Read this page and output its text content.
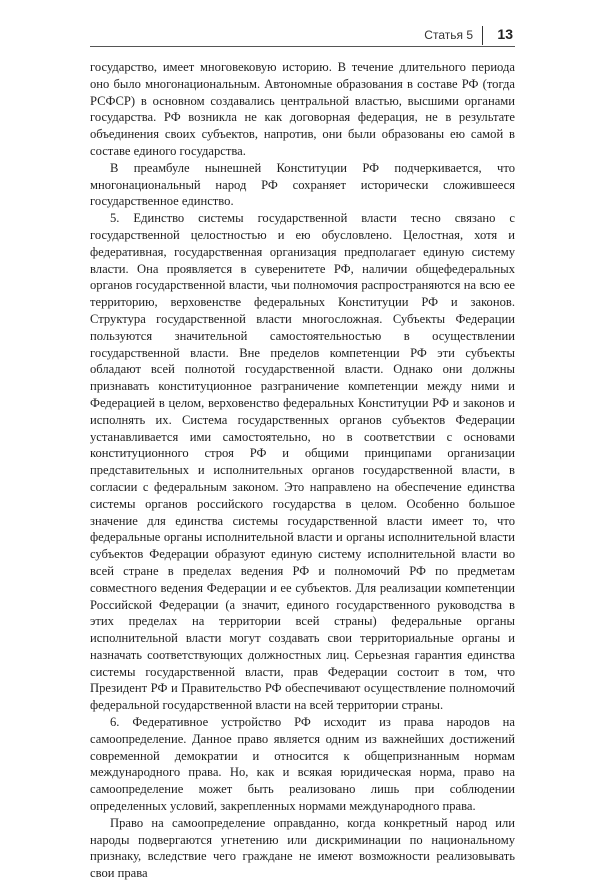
Статья 5 13

государство, имеет многовековую историю. В течение длительного периода оно было многонациональным. Автономные образования в составе РФ (тогда РСФСР) в основном создавались центральной властью, высшими органами государства. РФ возникла не как договорная федерация, не в результате объединения своих субъектов, напротив, они были образованы ею самой в составе единого государства.

В преамбуле нынешней Конституции РФ подчеркивается, что многонациональный народ РФ сохраняет исторически сложившееся государственное единство.

5. Единство системы государственной власти тесно связано с государственной целостностью и ею обусловлено. Целостная, хотя и федеративная, государственная организация предполагает единую систему власти. Она проявляется в суверенитете РФ, наличии общефедеральных органов государственной власти, чьи полномочия распространяются на всю ее территорию, верховенстве федеральных Конституции РФ и законов. Структура государственной власти многосложная. Субъекты Федерации пользуются значительной самостоятельностью в осуществлении государственной власти. Вне пределов компетенции РФ эти субъекты обладают всей полнотой государственной власти. Однако они должны признавать конституционное разграничение компетенции между ними и Федерацией в целом, верховенство федеральных Конституции РФ и законов и исполнять их. Система государственных органов субъектов Федерации устанавливается ими самостоятельно, но в соответствии с основами конституционного строя РФ и общими принципами организации представительных и исполнительных органов государственной власти, в согласии с федеральным законом. Это направлено на обеспечение единства системы органов российского государства в целом. Особенно большое значение для единства системы государственной власти имеет то, что федеральные органы исполнительной власти и органы исполнительной власти субъектов Федерации образуют единую систему исполнительной власти во всей стране в пределах ведения РФ и полномочий РФ по предметам совместного ведения Федерации и ее субъектов. Для реализации компетенции Российской Федерации (а значит, единого государственного руководства в этих пределах на территории всей страны) федеральные органы исполнительной власти могут создавать свои территориальные органы и назначать соответствующих должностных лиц. Серьезная гарантия единства системы государственной власти, прав Федерации состоит в том, что Президент РФ и Правительство РФ обеспечивают осуществление полномочий федеральной государственной власти на всей территории страны.

6. Федеративное устройство РФ исходит из права народов на самоопределение. Данное право является одним из важнейших достижений современной демократии и относится к общепризнанным нормам международного права. Но, как и всякая юридическая норма, право на самоопределение может быть реализовано лишь при соблюдении определенных условий, закрепленных нормами международного права.

Право на самоопределение оправданно, когда конкретный народ или народы подвергаются угнетению или дискриминации по национальному признаку, вследствие чего граждане не имеют возможности реализовывать свои права
